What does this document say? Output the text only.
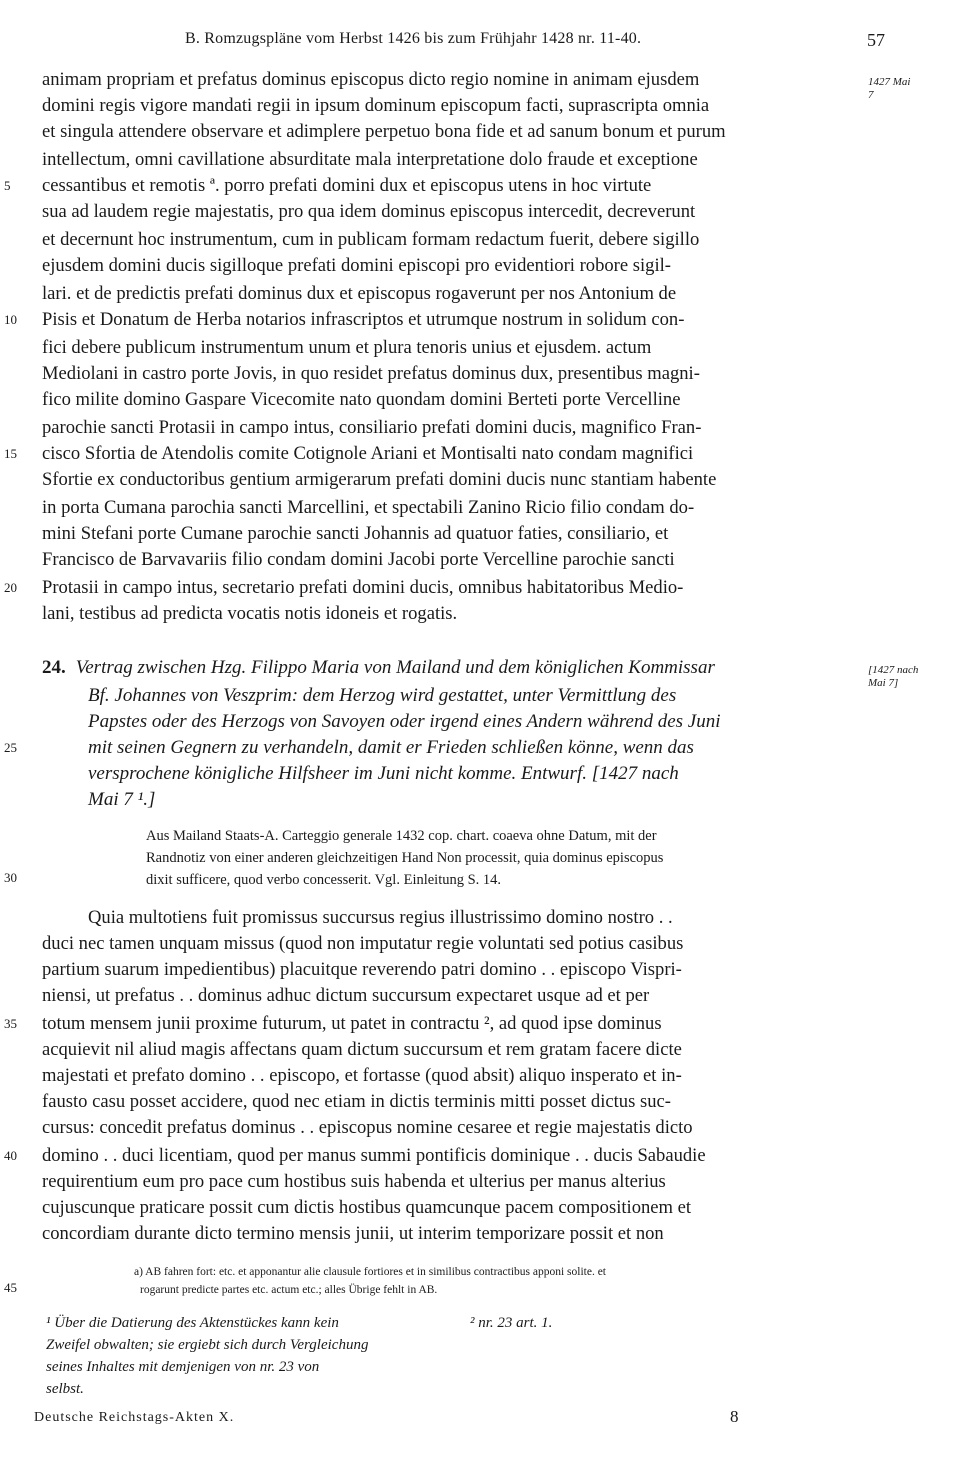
B. Romzugspläne vom Herbst 1426 bis zum Frühjahr 1428 nr. 11-40.	57
animam propriam et prefatus dominus episcopus dicto regio nomine in animam ejusdem
domini regis vigore mandati regii in ipsum dominum episcopum facti, suprascripta omnia
et singula attendere observare et adimplere perpetuo bona fide et ad sanum bonum et purum
intellectum, omni cavillatione absurditate mala interpretatione dolo fraude et exceptione
cessantibus et remotis ª. porro prefati domini dux et episcopus utens in hoc virtute
sua ad laudem regie majestatis, pro qua idem dominus episcopus intercedit, decreverunt
et decernunt hoc instrumentum, cum in publicam formam redactum fuerit, debere sigillo
ejusdem domini ducis sigilloque prefati domini episcopi pro evidentiori robore sigil-
lari. et de predictis prefati dominus dux et episcopus rogaverunt per nos Antonium de
Pisis et Donatum de Herba notarios infrascriptos et utrumque nostrum in solidum con-
fici debere publicum instrumentum unum et plura tenoris unius et ejusdem. actum
Mediolani in castro porte Jovis, in quo residet prefatus dominus dux, presentibus magni-
fico milite domino Gaspare Vicecomite nato quondam domini Berteti porte Vercelline
parochie sancti Protasii in campo intus, consiliario prefati domini ducis, magnifico Fran-
cisco Sfortia de Atendolis comite Cotignole Ariani et Montisalti nato condam magnifici
Sfortie ex conductoribus gentium armigerarum prefati domini ducis nunc stantiam habente
in porta Cumana parochia sancti Marcellini, et spectabili Zanino Ricio filio condam do-
mini Stefani porte Cumane parochie sancti Johannis ad quatuor faties, consiliario, et
Francisco de Barvavariis filio condam domini Jacobi porte Vercelline parochie sancti
Protasii in campo intus, secretario prefati domini ducis, omnibus habitatoribus Medio-
lani, testibus ad predicta vocatis notis idoneis et rogatis.
24. Vertrag zwischen Hzg. Filippo Maria von Mailand und dem königlichen Kommissar
Bf. Johannes von Veszprim: dem Herzog wird gestattet, unter Vermittlung des
Papstes oder des Herzogs von Savoyen oder irgend eines Andern während des Juni
mit seinen Gegnern zu verhandeln, damit er Frieden schließen könne, wenn das
versprochene königliche Hilfsheer im Juni nicht komme. Entwurf. [1427 nach
Mai 7 ¹.]
Aus Mailand Staats-A. Carteggio generale 1432 cop. chart. coaeva ohne Datum, mit der
Randnotiz von einer anderen gleichzeitigen Hand Non processit, quia dominus episcopus
dixit sufficere, quod verbo concesserit. Vgl. Einleitung S. 14.
Quia multotiens fuit promissus succursus regius illustrissimo domino nostro . .
duci nec tamen unquam missus (quod non imputatur regie voluntati sed potius casibus
partium suarum impedientibus) placuitque reverendo patri domino . . episcopo Vispri-
niensi, ut prefatus . . dominus adhuc dictum succursum expectaret usque ad et per
totum mensem junii proxime futurum, ut patet in contractu ², ad quod ipse dominus
acquievit nil aliud magis affectans quam dictum succursum et rem gratam facere dicte
majestati et prefato domino . . episcopo, et fortasse (quod absit) aliquo insperato et in-
fausto casu posset accidere, quod nec etiam in dictis terminis mitti posset dictus suc-
cursus: concedit prefatus dominus . . episcopus nomine cesaree et regie majestatis dicto
domino . . duci licentiam, quod per manus summi pontificis dominique . . ducis Sabaudie
requirentium eum pro pace cum hostibus suis habenda et ulterius per manus alterius
cujuscunque praticare possit cum dictis hostibus quamcunque pacem compositionem et
concordiam durante dicto termino mensis junii, ut interim temporizare possit et non
a) AB fahren fort: etc. et apponantur alie clausule fortiores et in similibus contractibus apponi solite. et
rogarunt predicte partes etc. actum etc.; alles Übrige fehlt in AB.
5
10
15
20
25
30
35
40
45
1427 Mai 7
[1427 nach Mai 7]
¹ Über die Datierung des Aktenstückes kann kein
Zweifel obwalten; sie ergiebt sich durch Vergleichung
seines Inhaltes mit demjenigen von nr. 23 von
selbst.
² nr. 23 art. 1.
Deutsche Reichstags-Akten X.	8
